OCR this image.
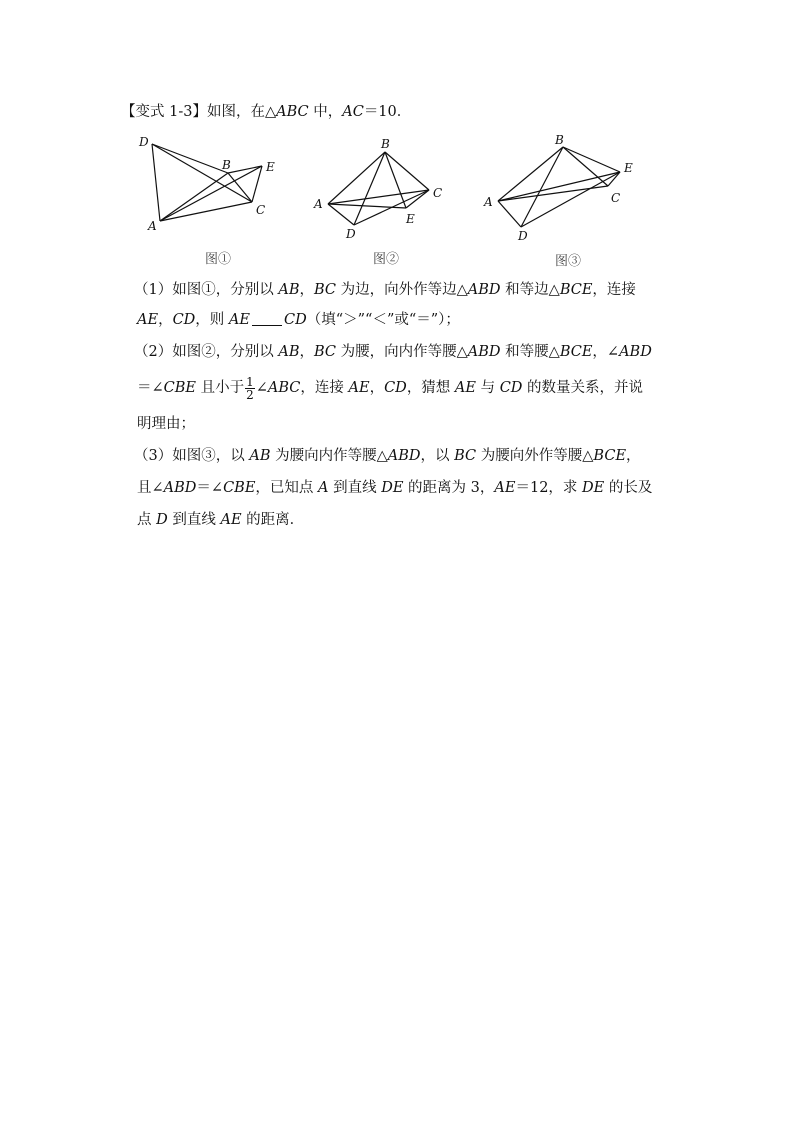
【变式 1-3】如图，在△ABC 中，AC＝10．
D
B	E
A
C
图①
B
A
C
E
D
图②
B
E
C
A
D
图③
（1）如图①，分别以 AB，BC 为边，向外作等边△ABD 和等边△BCE，连接
AE，CD，则 AE CD（填“＞”“＜”或“＝”）；
（2）如图②，分别以 AB，BC 为腰，向内作等腰△ABD 和等腰△BCE，∠ABD
＝∠CBE 且小于 $\frac{1}{2}$ ∠ABC，连接 AE，CD，猜想 AE 与 CD 的数量关系，并说
明理由；
（3）如图③，以 AB 为腰向内作等腰△ABD，以 BC 为腰向外作等腰△BCE，
且∠ABD＝∠CBE，已知点 A 到直线 DE 的距离为 3，AE＝12，求 DE 的长及
点 D 到直线 AE 的距离．
